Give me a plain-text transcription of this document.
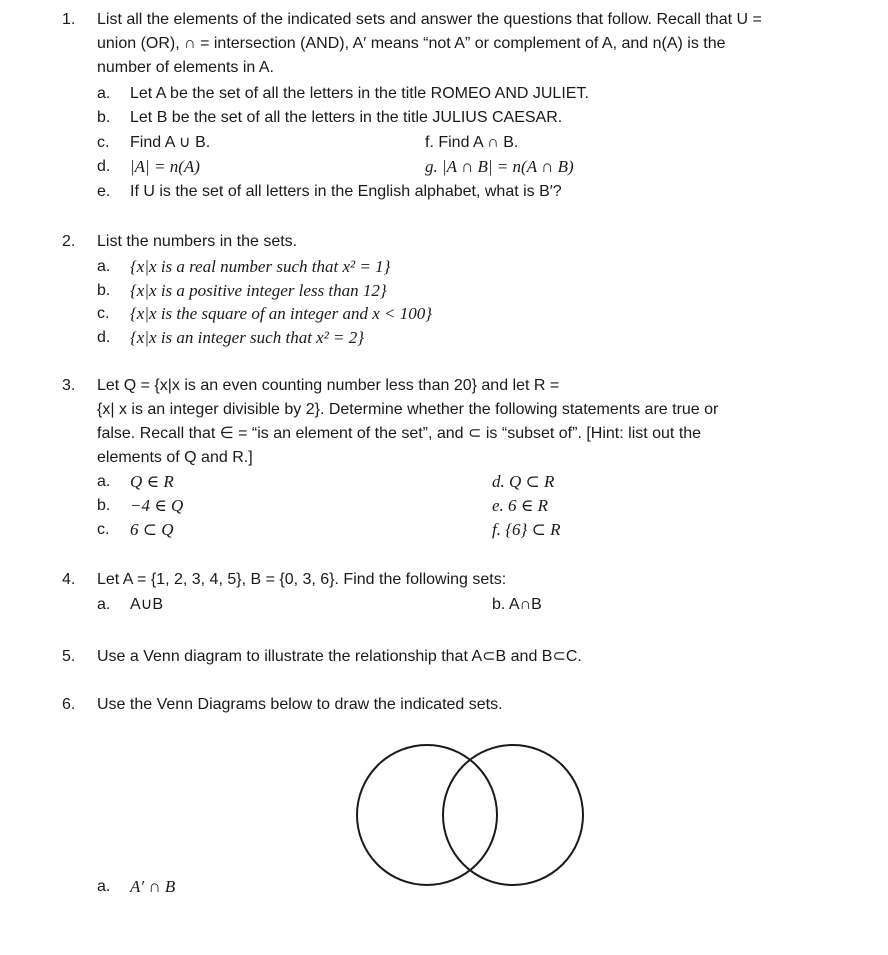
1.	List all the elements of the indicated sets and answer the questions that follow. Recall that U =
union (OR), ∩ = intersection (AND), A′ means “not A” or complement of A, and n(A) is the
number of elements in A.
a. Let A be the set of all the letters in the title ROMEO AND JULIET.
b. Let B be the set of all the letters in the title JULIUS CAESAR.
c. Find A ∪ B.	f. Find A ∩ B.
d. |A| = n(A)	g. |A ∩ B| = n(A ∩ B)
e. If U is the set of all letters in the English alphabet, what is B′?
2.	List the numbers in the sets.
a. {x|x is a real number such that x² = 1}
b. {x|x is a positive integer less than 12}
c. {x|x is the square of an integer and x < 100}
d. {x|x is an integer such that x² = 2}
3.	Let Q = {x|x is an even counting number less than 20} and let R =
{x| x is an integer divisible by 2}. Determine whether the following statements are true or
false. Recall that ∈ = “is an element of the set”, and ⊂ is “subset of”. [Hint: list out the
elements of Q and R.]
a. Q ∈ R	d. Q ⊂ R
b. −4 ∈ Q	e. 6 ∈ R
c. 6 ⊂ Q	f. {6} ⊂ R
4.	Let A = {1, 2, 3, 4, 5}, B = {0, 3, 6}. Find the following sets:
a. A∪B	b. A∩B
5.	Use a Venn diagram to illustrate the relationship that A⊂B and B⊂C.
6.	Use the Venn Diagrams below to draw the indicated sets.
a. A′ ∩ B
